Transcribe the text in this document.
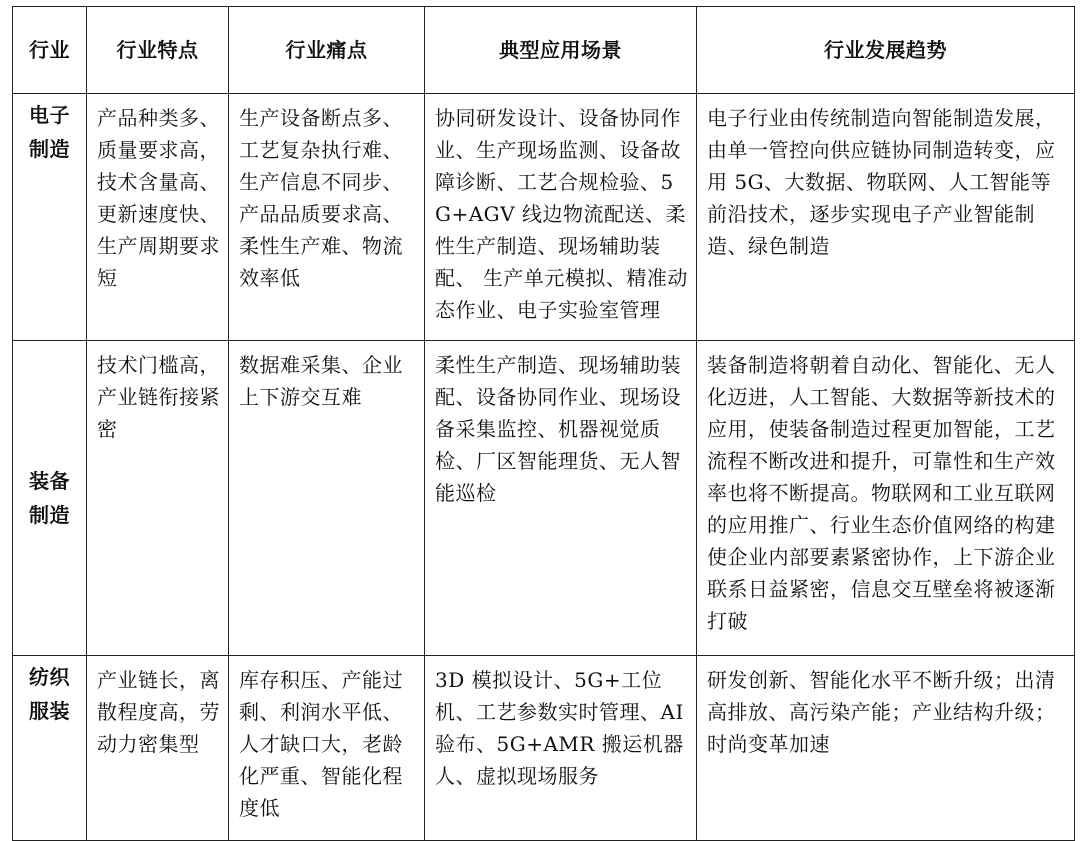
行业	行业特点	行业痛点	典型应用场景	行业发展趋势

电子
制造	产品种类多、质量要求高，技术含量高、更新速度快、生产周期要求短	生产设备断点多、工艺复杂执行难、生产信息不同步、产品品质要求高、柔性生产难、物流效率低	协同研发设计、设备协同作业、生产现场监测、设备故障诊断、工艺合规检验、5G+AGV 线边物流配送、柔性生产制造、现场辅助装配、 生产单元模拟、精准动态作业、电子实验室管理	电子行业由传统制造向智能制造发展，由单一管控向供应链协同制造转变，应用 5G、大数据、物联网、人工智能等前沿技术，逐步实现电子产业智能制造、绿色制造

装备
制造	技术门槛高，产业链衔接紧密	数据难采集、企业上下游交互难	柔性生产制造、现场辅助装配、设备协同作业、现场设备采集监控、机器视觉质检、厂区智能理货、无人智能巡检	装备制造将朝着自动化、智能化、无人化迈进，人工智能、大数据等新技术的应用，使装备制造过程更加智能，工艺流程不断改进和提升，可靠性和生产效率也将不断提高。物联网和工业互联网的应用推广、行业生态价值网络的构建使企业内部要素紧密协作，上下游企业联系日益紧密，信息交互壁垒将被逐渐打破

纺织
服装	产业链长，离散程度高，劳动力密集型	库存积压、产能过剩、利润水平低、人才缺口大，老龄化严重、智能化程度低	3D 模拟设计、5G+工位机、工艺参数实时管理、AI 验布、5G+AMR 搬运机器人、虚拟现场服务	研发创新、智能化水平不断升级；出清高排放、高污染产能；产业结构升级；时尚变革加速
